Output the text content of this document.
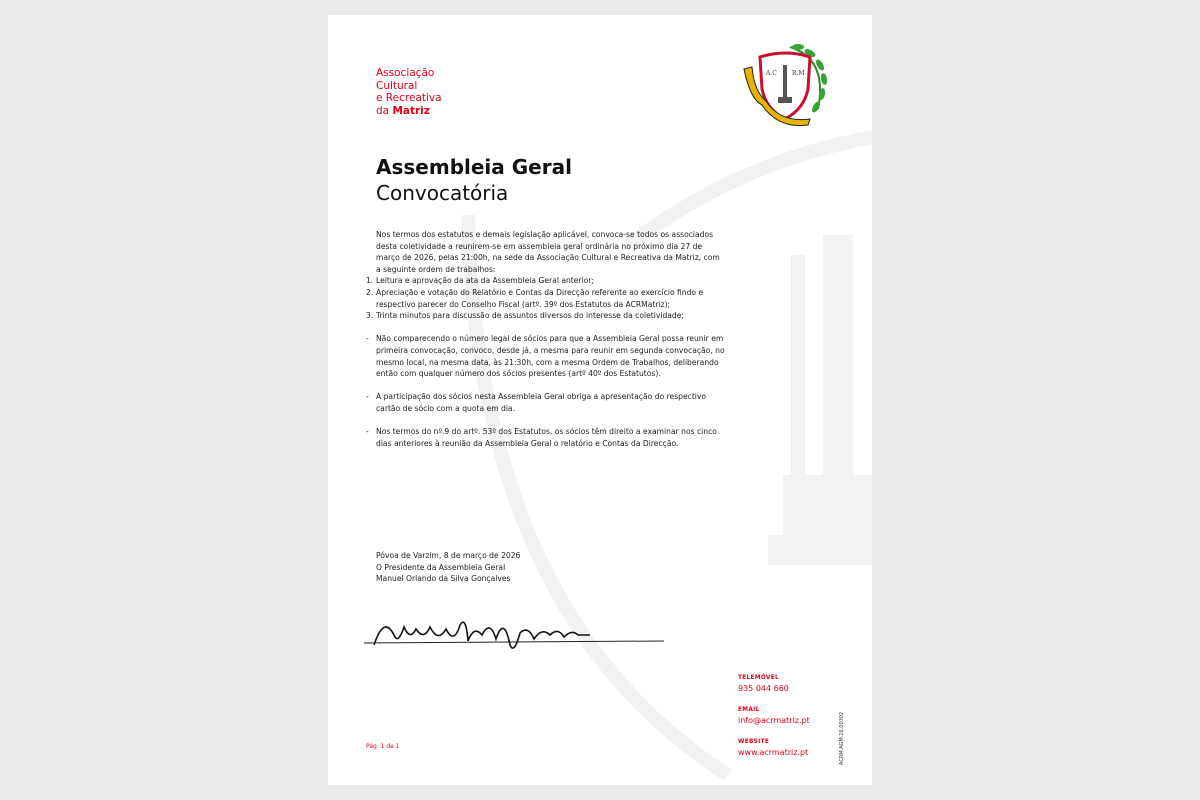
Associação
Cultural
e Recreativa
da Matriz
A.C	R.M
Assembleia Geral
Convocatória
Nos termos dos estatutos e demais legislação aplicável, convoca-se todos os associados desta coletividade a reunirem-se em assembleia geral ordinária no próximo dia 27 de março de 2026, pelas 21:00h, na sede da Associação Cultural e Recreativa da Matriz, com a seguinte ordem de trabalhos:
1. Leitura e aprovação da ata da Assembleia Geral anterior;
2. Apreciação e votação do Relatório e Contas da Direcção referente ao exercício findo e respectivo parecer do Conselho Fiscal (artº. 39º dos Estatutos da ACRMatriz);
3. Trinta minutos para discussão de assuntos diversos do interesse da coletividade;
- Não comparecendo o número legal de sócios para que a Assembleia Geral possa reunir em primeira convocação, convoco, desde já, a mesma para reunir em segunda convocação, no mesmo local, na mesma data, às 21:30h, com a mesma Ordem de Trabalhos, deliberando então com qualquer número dos sócios presentes (artº 40º dos Estatutos).
- A participação dos sócios nesta Assembleia Geral obriga a apresentação do respectivo cartão de sócio com a quota em dia.
- Nos termos do nº.9 do artº. 53º dos Estatutos, os sócios têm direito a examinar nos cinco dias anteriores à reunião da Assembleia Geral o relatório e Contas da Direcção.
Póvoa de Varzim, 8 de março de 2026
O Presidente da Assembleia Geral
Manuel Orlando da Silva Gonçalves
TELEMÓVEL
935 044 660
EMAIL
info@acrmatriz.pt
WEBSITE
www.acrmatriz.pt	ACRM.AGM.26.00302
Pág. 1 de 1
